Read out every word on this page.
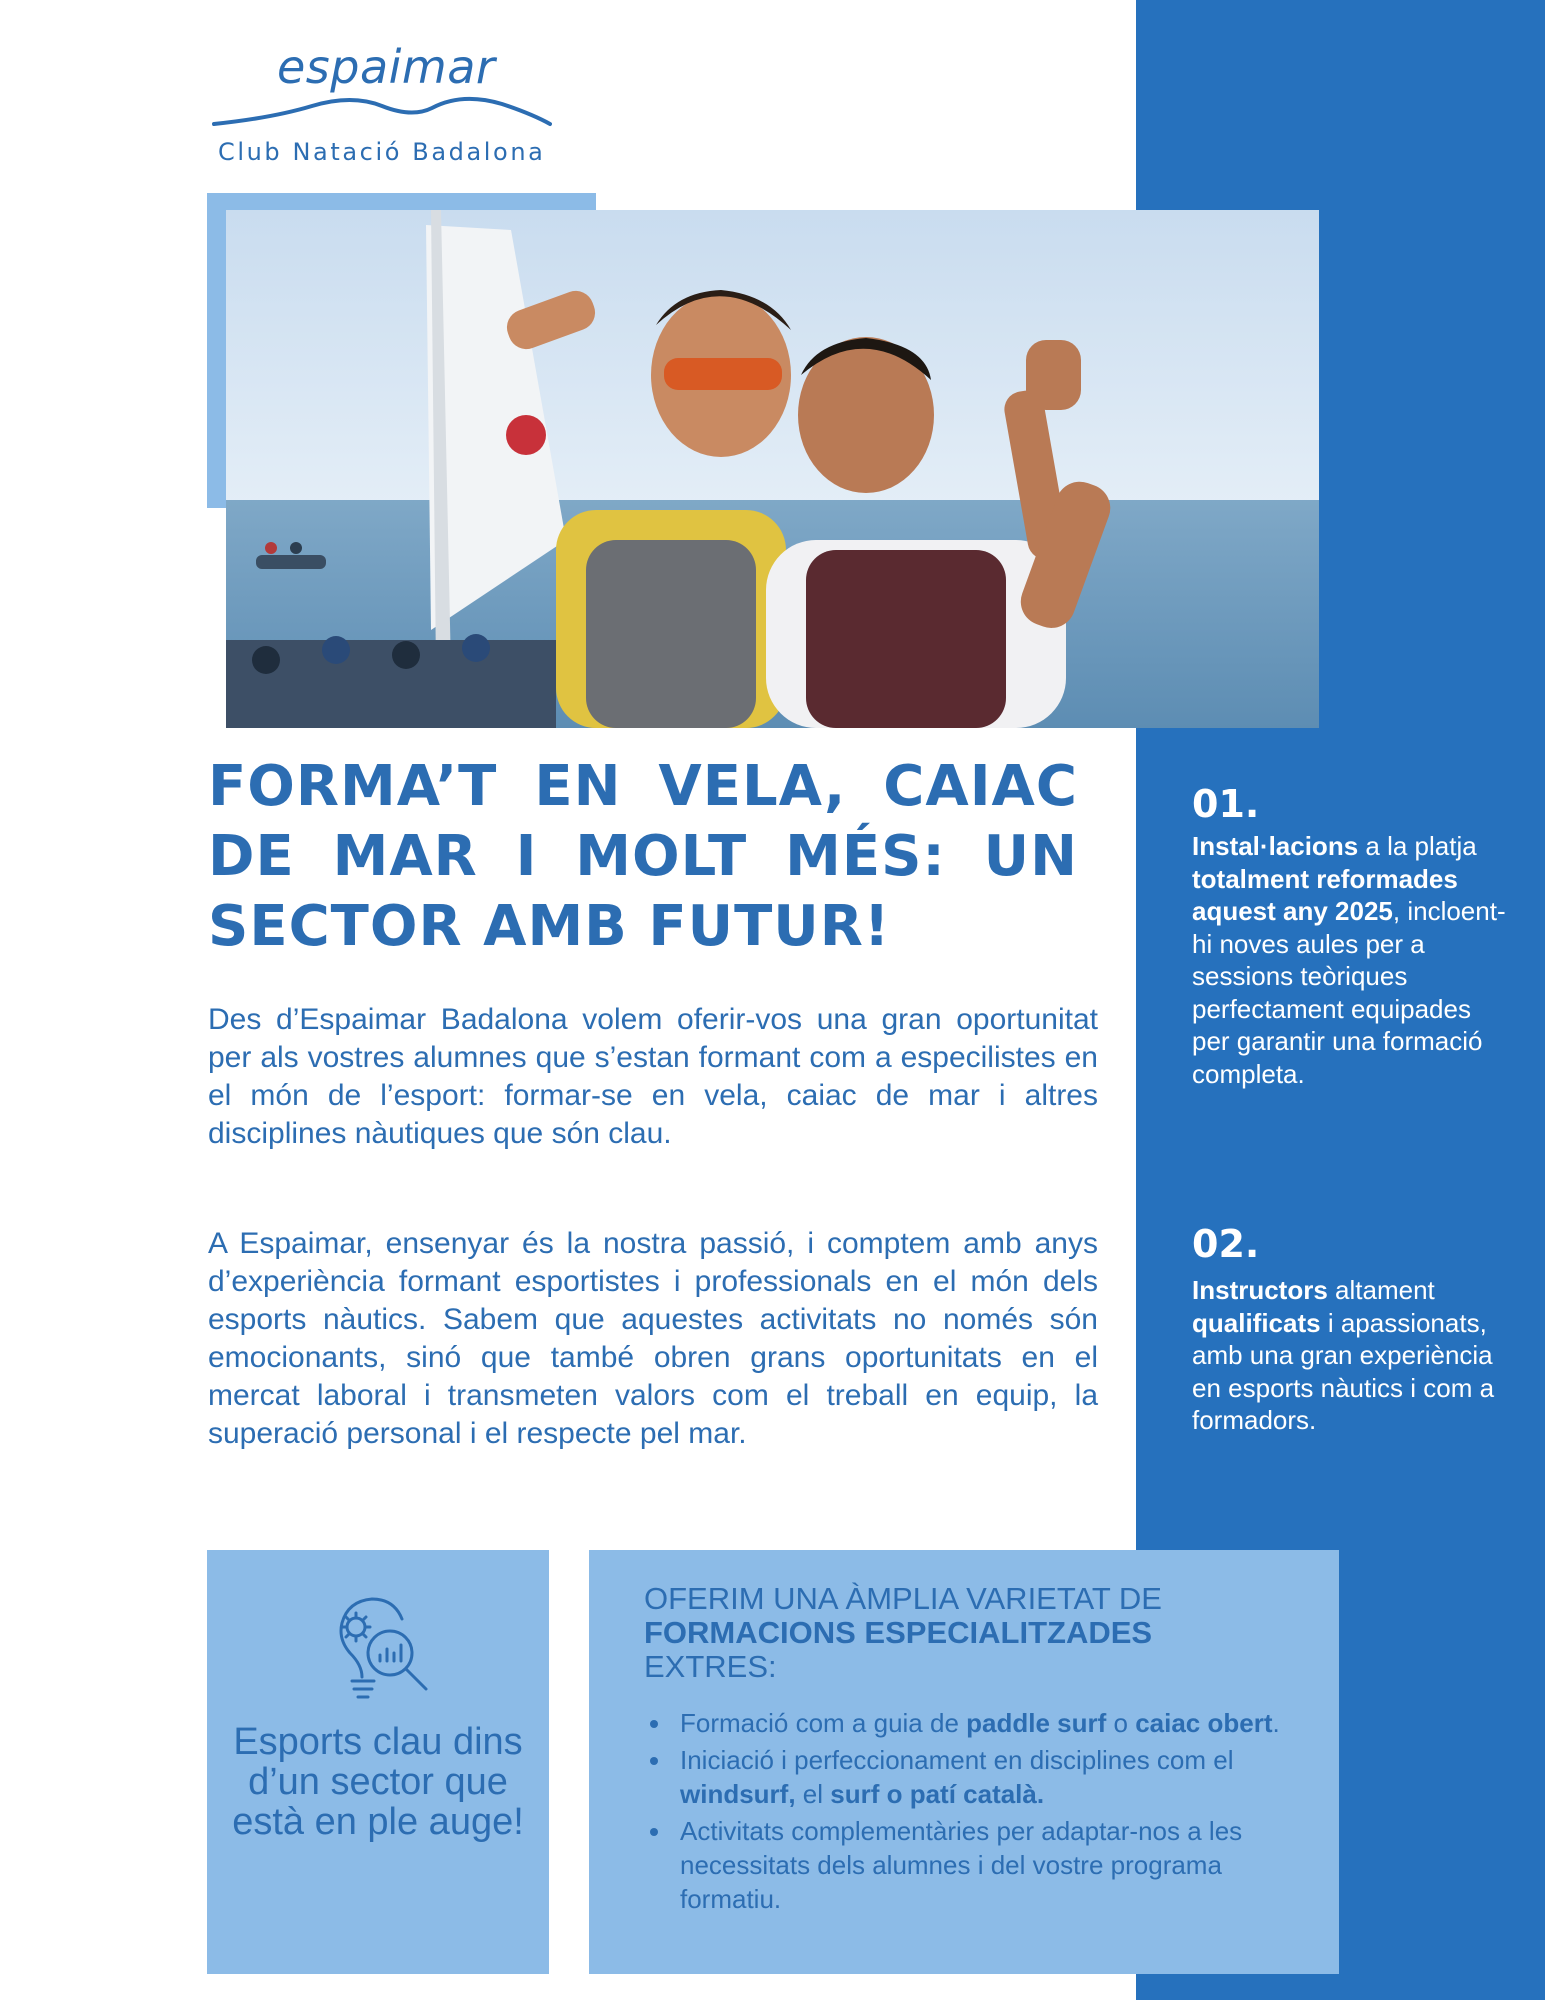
espaimar
Club Natació Badalona
FORMA’T EN VELA, CAIAC DE MAR I MOLT MÉS: UN SECTOR AMB FUTUR!

Des d’Espaimar Badalona volem oferir-vos una gran oportunitat per als vostres alumnes que s’estan formant com a especilistes en el món de l’esport: formar-se en vela, caiac de mar i altres disciplines nàutiques que són clau.

A Espaimar, ensenyar és la nostra passió, i comptem amb anys d’experiència formant esportistes i professionals en el món dels esports nàutics. Sabem que aquestes activitats no només són emocionants, sinó que també obren grans oportunitats en el mercat laboral i transmeten valors com el treball en equip, la superació personal i el respecte pel mar.

01.

Instal·lacions a la platja totalment reformades aquest any 2025, incloent-hi noves aules per a sessions teòriques perfectament equipades per garantir una formació completa.

02.

Instructors altament qualificats i apassionats, amb una gran experiència en esports nàutics i com a formadors.

Esports clau dins d’un sector que està en ple auge!

OFERIM UNA ÀMPLIA VARIETAT DE
FORMACIONS ESPECIALITZADES
EXTRES:

Formació com a guia de paddle surf o caiac obert.
Iniciació i perfeccionament en disciplines com el windsurf, el surf o patí català.
Activitats complementàries per adaptar-nos a les necessitats dels alumnes i del vostre programa formatiu.
